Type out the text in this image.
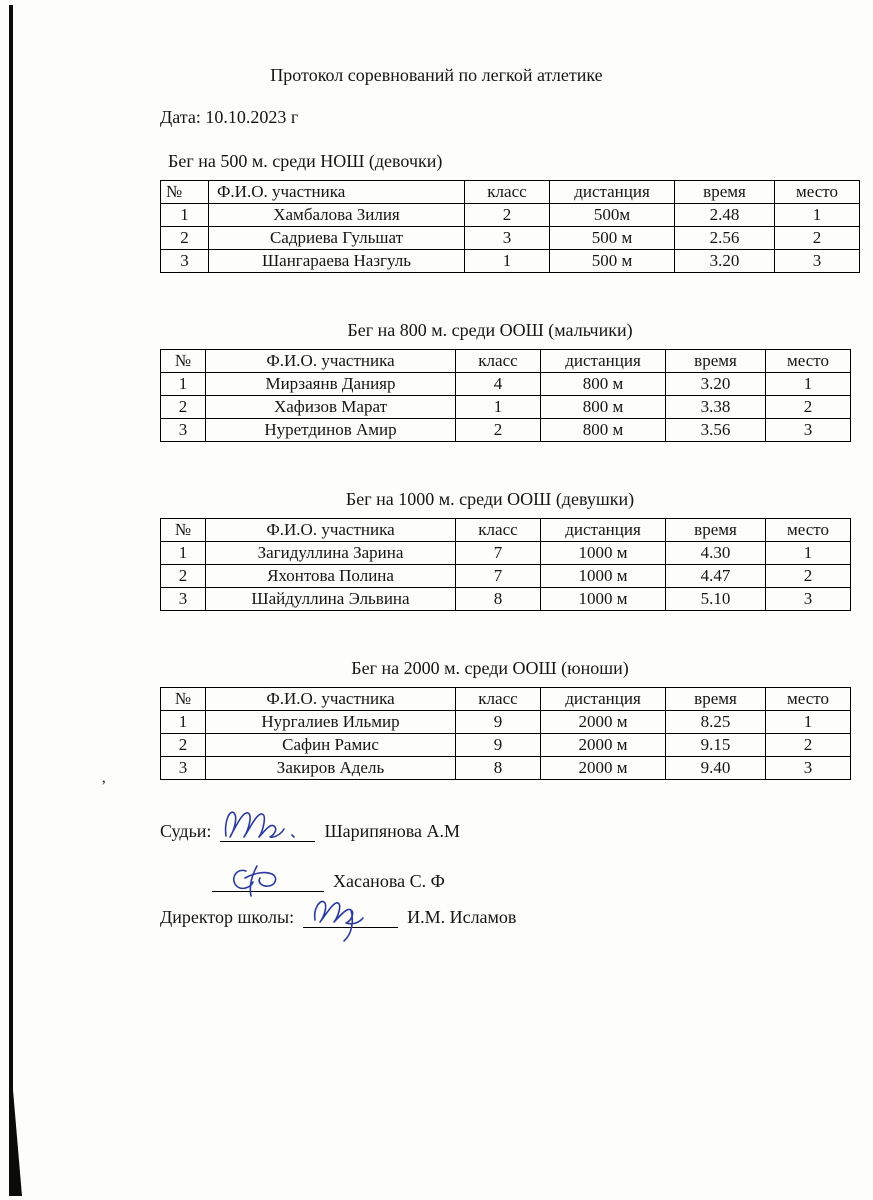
’
Протокол соревнований по легкой атлетике
Дата: 10.10.2023 г
Бег на 500 м. среди НОШ (девочки)
№	Ф.И.О. участника	класс	дистанция	время	место
1	Хамбалова Зилия	2	500м	2.48	1
2	Садриева Гульшат	3	500 м	2.56	2
3	Шангараева Назгуль	1	500 м	3.20	3
Бег на 800 м. среди ООШ (мальчики)
№	Ф.И.О. участника	класс	дистанция	время	место
1	Мирзаянв Данияр	4	800 м	3.20	1
2	Хафизов Марат	1	800 м	3.38	2
3	Нуретдинов Амир	2	800 м	3.56	3
Бег на 1000 м. среди ООШ (девушки)
№	Ф.И.О. участника	класс	дистанция	время	место
1	Загидуллина Зарина	7	1000 м	4.30	1
2	Яхонтова Полина	7	1000 м	4.47	2
3	Шайдуллина Эльвина	8	1000 м	5.10	3
Бег на 2000 м. среди ООШ (юноши)
№	Ф.И.О. участника	класс	дистанция	время	место
1	Нургалиев Ильмир	9	2000 м	8.25	1
2	Сафин Рамис	9	2000 м	9.15	2
3	Закиров Адель	8	2000 м	9.40	3
Судьи:	Шарипянова А.М
Хасанова С. Ф
Директор школы:	И.М. Исламов
